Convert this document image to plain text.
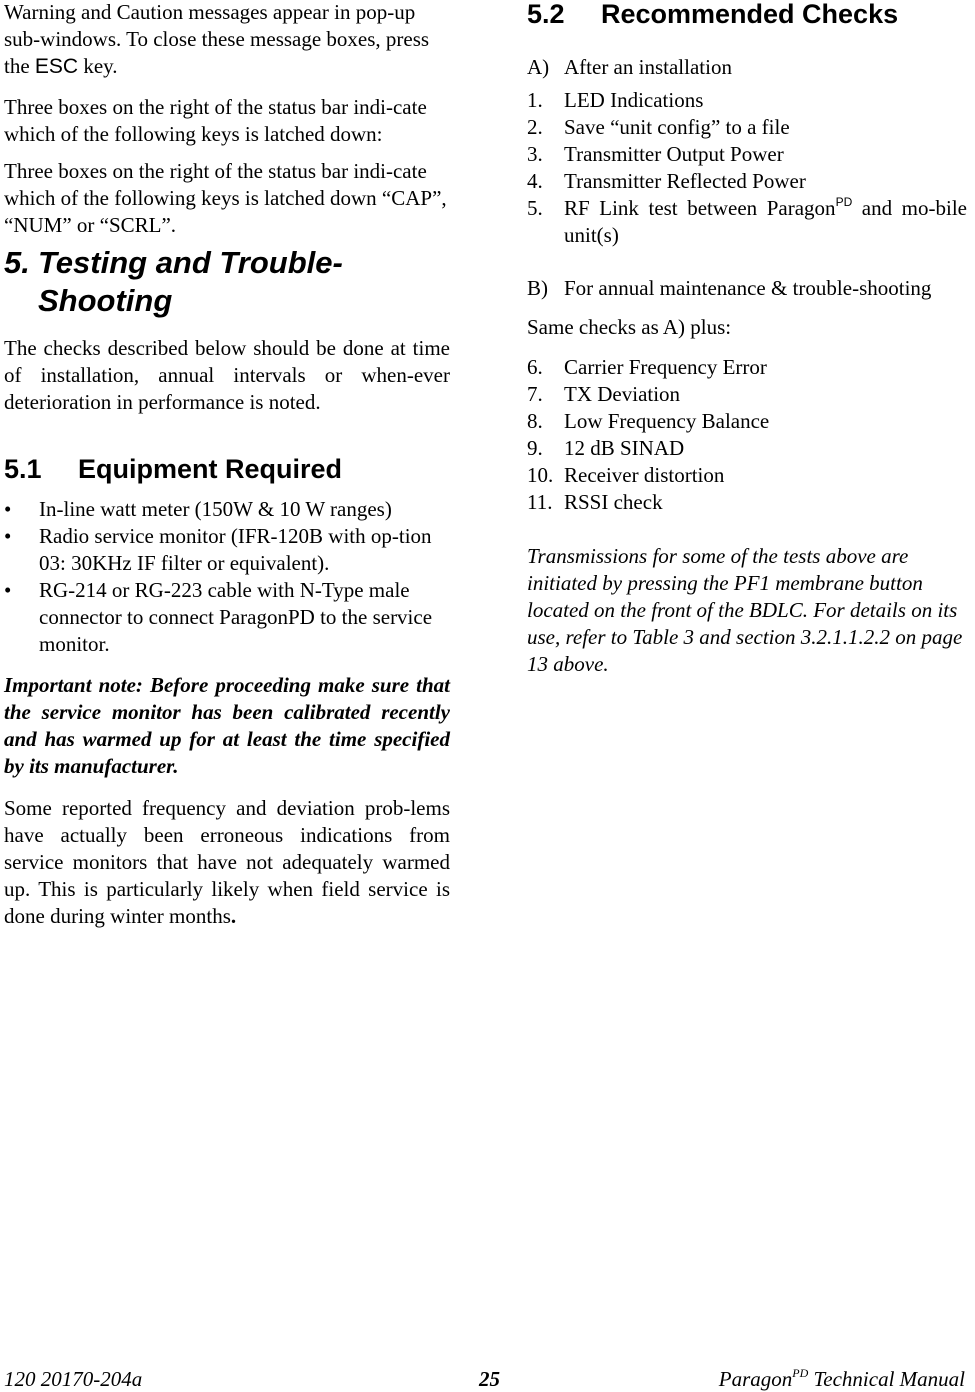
Warning and Caution messages appear in pop-up sub-windows. To close these message boxes, press the ESC key.

Three boxes on the right of the status bar indi-cate which of the following keys is latched down:

Three boxes on the right of the status bar indi-cate which of the following keys is latched down “CAP”, “NUM” or “SCRL”.

5. Testing and Trouble-Shooting

The checks described below should be done at time of installation, annual intervals or when-ever deterioration in performance is noted.

5.1 Equipment Required
• In-line watt meter (150W & 10 W ranges)
• Radio service monitor (IFR-120B with op-tion 03: 30KHz IF filter or equivalent).
• RG-214 or RG-223 cable with N-Type male connector to connect ParagonPD to the service monitor.

Important note: Before proceeding make sure that the service monitor has been calibrated recently and has warmed up for at least the time specified by its manufacturer.

Some reported frequency and deviation prob-lems have actually been erroneous indications from service monitors that have not adequately warmed up. This is particularly likely when field service is done during winter months.

5.2 Recommended Checks
A) After an installation
1. LED Indications
2. Save “unit config” to a file
3. Transmitter Output Power
4. Transmitter Reflected Power
5. RF Link test between Paragon$^{PD}$ and mo-bile unit(s)
B) For annual maintenance & trouble-shooting

Same checks as A) plus:

6. Carrier Frequency Error
7. TX Deviation
8. Low Frequency Balance
9. 12 dB SINAD
10. Receiver distortion
11. RSSI check

Transmissions for some of the tests above are initiated by pressing the PF1 membrane button located on the front of the BDLC. For details on its use, refer to Table 3 and section 3.2.1.1.2.2 on page 13 above.

120 20170-204a	25	Paragon$^{PD}$ Technical Manual
